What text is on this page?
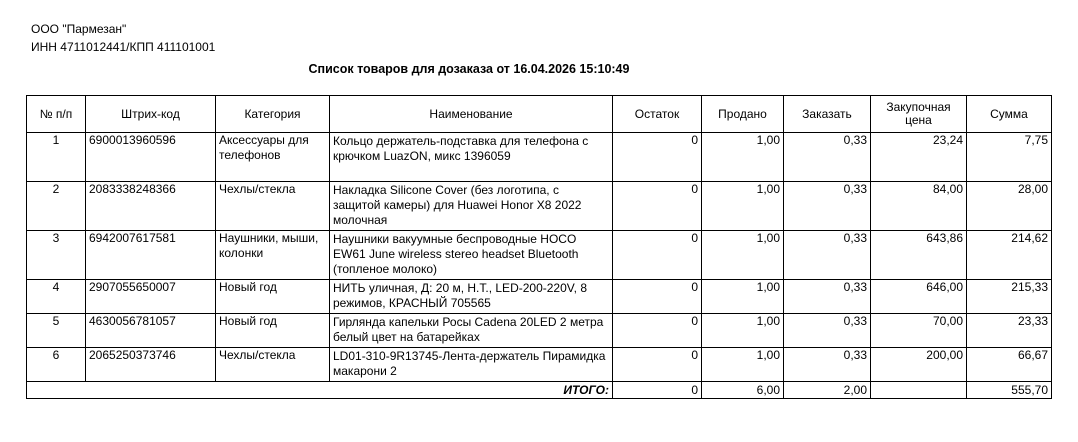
ООО "Пармезан"
ИНН 4711012441/КПП 411101001
Список товаров для дозаказа от 16.04.2026 15:10:49
№ п/п	Штрих-код	Категория	Наименование	Остаток	Продано	Заказать	Закупочная цена	Сумма
1	6900013960596	Аксессуары для телефонов	Кольцо держатель-подставка для телефона с крючком LuazON, микс 1396059	0	1,00	0,33	23,24	7,75
2	2083338248366	Чехлы/стекла	Накладка Silicone Cover (без логотипа, с защитой камеры) для Huawei Honor X8 2022 молочная	0	1,00	0,33	84,00	28,00
3	6942007617581	Наушники, мыши, колонки	Наушники вакуумные беспроводные HOCO EW61 June wireless stereo headset Bluetooth (топленое молоко)	0	1,00	0,33	643,86	214,62
4	2907055650007	Новый год	НИТЬ уличная, Д: 20 м, Н.Т., LED-200-220V, 8 режимов, КРАСНЫЙ 705565	0	1,00	0,33	646,00	215,33
5	4630056781057	Новый год	Гирлянда капельки Росы Cadena 20LED 2 метра белый цвет на батарейках	0	1,00	0,33	70,00	23,33
6	2065250373746	Чехлы/стекла	LD01-310-9R13745-Лента-держатель Пирамидка макарони 2	0	1,00	0,33	200,00	66,67
ИТОГО:				0	6,00	2,00		555,70
